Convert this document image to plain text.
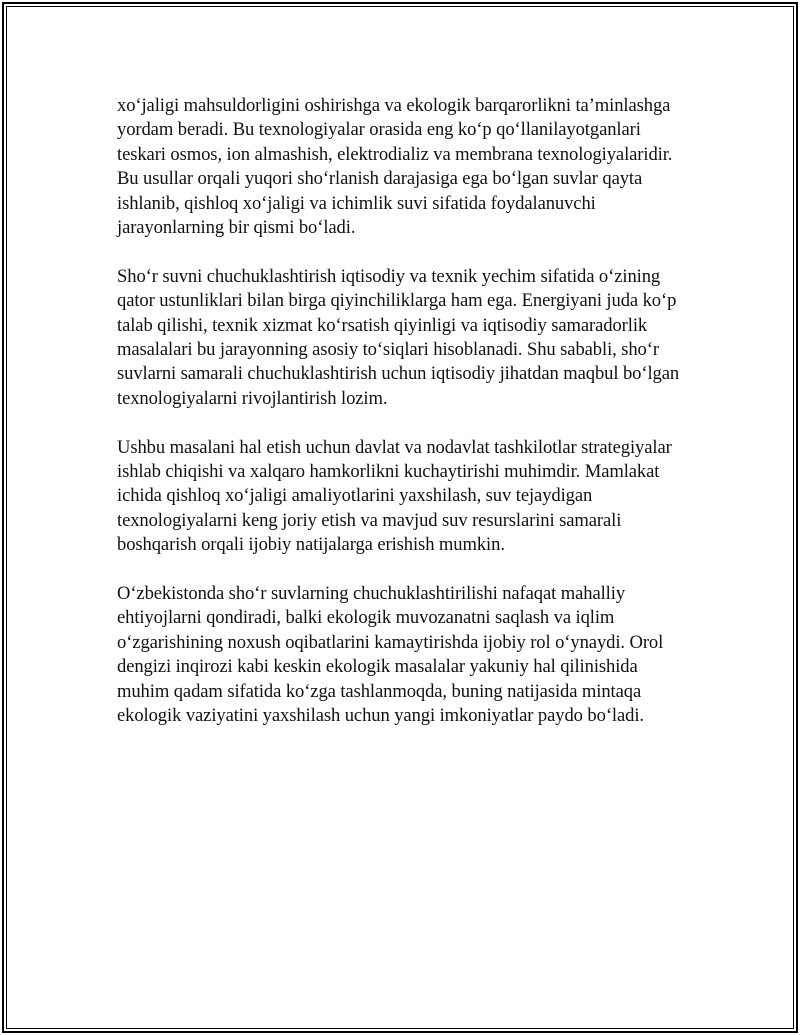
xo‘jaligi mahsuldorligini oshirishga va ekologik barqarorlikni ta’minlashga
yordam beradi. Bu texnologiyalar orasida eng ko‘p qo‘llanilayotganlari
teskari osmos, ion almashish, elektrodializ va membrana texnologiyalaridir.
Bu usullar orqali yuqori sho‘rlanish darajasiga ega bo‘lgan suvlar qayta
ishlanib, qishloq xo‘jaligi va ichimlik suvi sifatida foydalanuvchi
jarayonlarning bir qismi bo‘ladi.

Sho‘r suvni chuchuklashtirish iqtisodiy va texnik yechim sifatida o‘zining
qator ustunliklari bilan birga qiyinchiliklarga ham ega. Energiyani juda ko‘p
talab qilishi, texnik xizmat ko‘rsatish qiyinligi va iqtisodiy samaradorlik
masalalari bu jarayonning asosiy to‘siqlari hisoblanadi. Shu sababli, sho‘r
suvlarni samarali chuchuklashtirish uchun iqtisodiy jihatdan maqbul bo‘lgan
texnologiyalarni rivojlantirish lozim.

Ushbu masalani hal etish uchun davlat va nodavlat tashkilotlar strategiyalar
ishlab chiqishi va xalqaro hamkorlikni kuchaytirishi muhimdir. Mamlakat
ichida qishloq xo‘jaligi amaliyotlarini yaxshilash, suv tejaydigan
texnologiyalarni keng joriy etish va mavjud suv resurslarini samarali
boshqarish orqali ijobiy natijalarga erishish mumkin.

O‘zbekistonda sho‘r suvlarning chuchuklashtirilishi nafaqat mahalliy
ehtiyojlarni qondiradi, balki ekologik muvozanatni saqlash va iqlim
o‘zgarishining noxush oqibatlarini kamaytirishda ijobiy rol o‘ynaydi. Orol
dengizi inqirozi kabi keskin ekologik masalalar yakuniy hal qilinishida
muhim qadam sifatida ko‘zga tashlanmoqda, buning natijasida mintaqa
ekologik vaziyatini yaxshilash uchun yangi imkoniyatlar paydo bo‘ladi.
